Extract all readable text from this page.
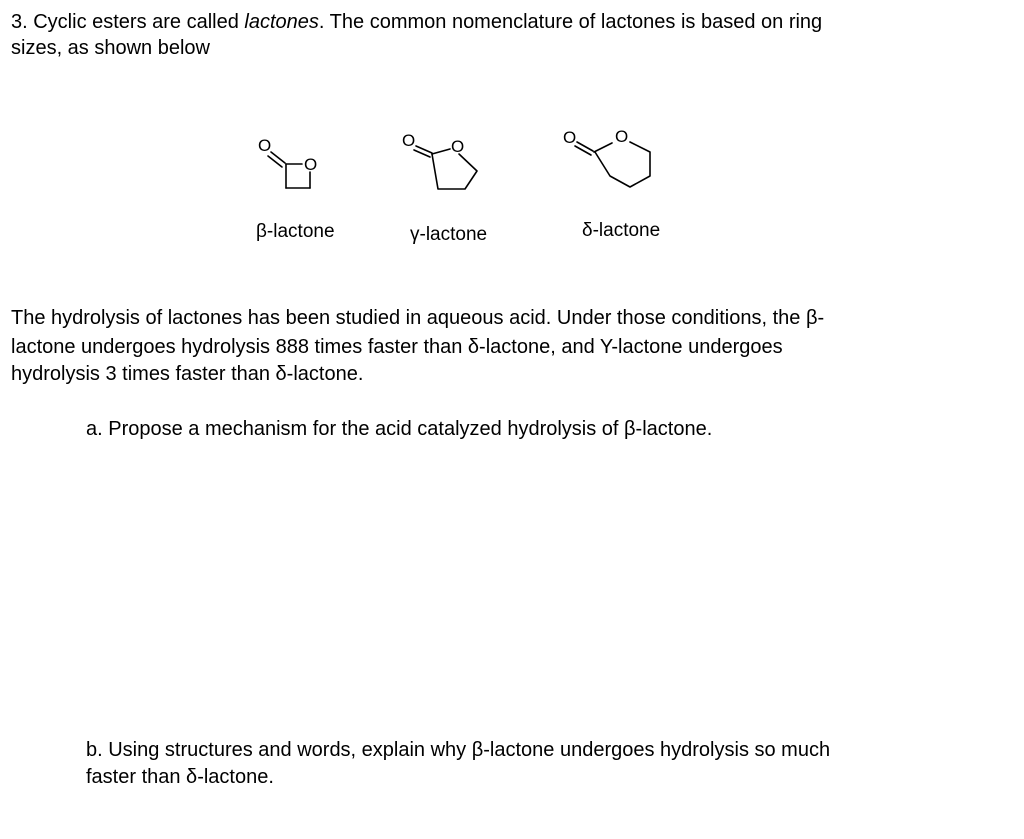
3. Cyclic esters are called lactones. The common nomenclature of lactones is based on ring
sizes, as shown below
O
O
O O	O O
β-lactone	γ-lactone	δ-lactone
The hydrolysis of lactones has been studied in aqueous acid. Under those conditions, the β-
lactone undergoes hydrolysis 888 times faster than δ-lactone, and Y-lactone undergoes
hydrolysis 3 times faster than δ-lactone.
a. Propose a mechanism for the acid catalyzed hydrolysis of β-lactone.
b. Using structures and words, explain why β-lactone undergoes hydrolysis so much
faster than δ-lactone.
